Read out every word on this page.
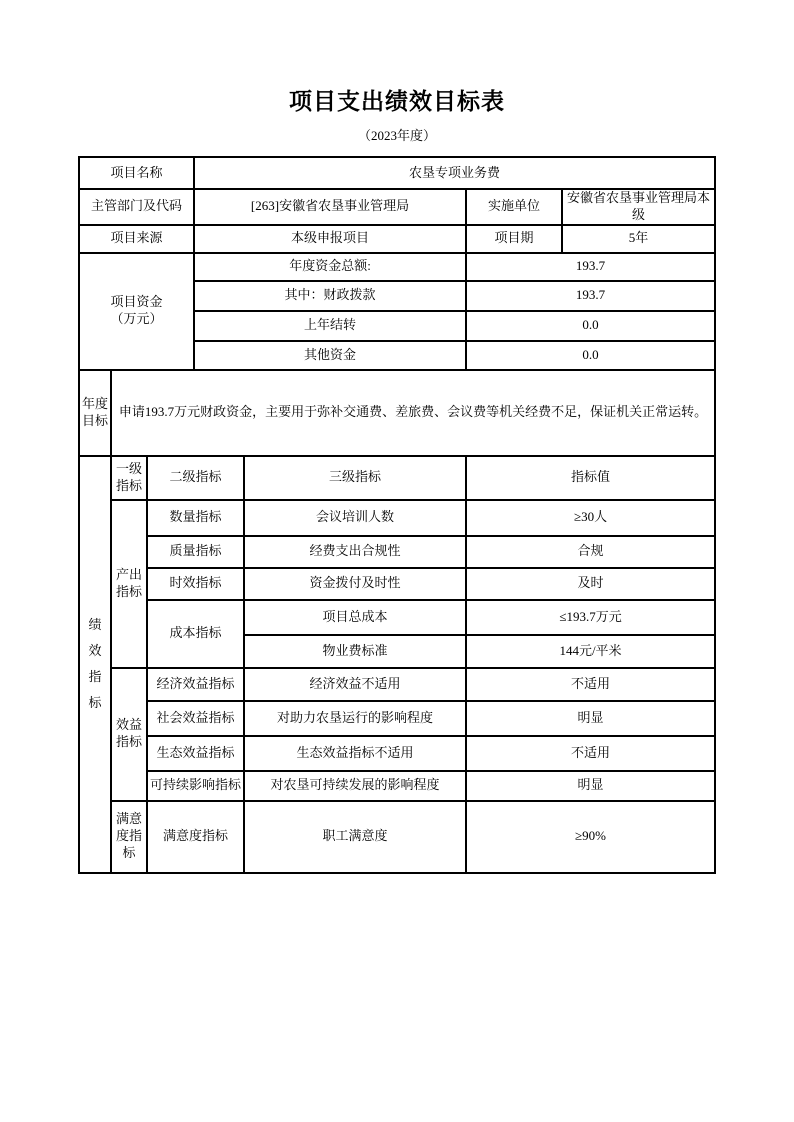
项目支出绩效目标表
（2023年度）
项目名称			农垦专项业务费			
主管部门及代码			[263]安徽省农垦事业管理局		实施单位	安徽省农垦事业管理局本级
项目来源			本级申报项目		项目期	5年

项目资金
（万元）			年度资金总额:		193.7	
			其中：财政拨款		193.7	
			上年结转		0.0	
			其他资金		0.0	
年度目标	申请193.7万元财政资金，主要用于弥补交通费、差旅费、会议费等机关经费不足，保证机关正常运转。					

绩效指标	一级指标	二级指标		三级指标	指标值	
	产出指标	数量指标		会议培训人数	≥30人	
		质量指标		经费支出合规性	合规	
		时效指标		资金拨付及时性	及时	
		成本指标		项目总成本	≤193.7万元	
				物业费标准	144元/平米	
	效益指标	经济效益指标		经济效益不适用	不适用	
		社会效益指标		对助力农垦运行的影响程度	明显	
		生态效益指标		生态效益指标不适用	不适用	
		可持续影响指标		对农垦可持续发展的影响程度	明显	
	满意度指标	满意度指标		职工满意度	≥90%	
